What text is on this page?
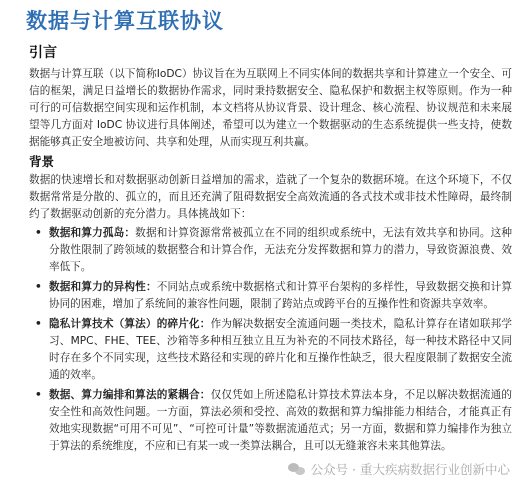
数据与计算互联协议
引言

数据与计算互联（以下简称IoDC）协议旨在为互联网上不同实体间的数据共享和计算建立一个安全、可信的框架，满足日益增长的数据协作需求，同时秉持数据安全、隐私保护和数据主权等原则。作为一种可行的可信数据空间实现和运作机制，本文档将从协议背景、设计理念、核心流程、协议规范和未来展望等几方面对 IoDC 协议进行具体阐述，希望可以为建立一个数据驱动的生态系统提供一些支持，使数据能够真正安全地被访问、共享和处理，从而实现互利共赢。

背景

数据的快速增长和对数据驱动创新日益增加的需求，造就了一个复杂的数据环境。在这个环境下，不仅数据常常是分散的、孤立的，而且还充满了阻碍数据安全高效流通的各式技术或非技术性障碍，最终制约了数据驱动创新的充分潜力。具体挑战如下：

• 数据和算力孤岛：数据和计算资源常常被孤立在不同的组织或系统中，无法有效共享和协同。这种分散性限制了跨领域的数据整合和计算合作，无法充分发挥数据和算力的潜力，导致资源浪费、效率低下。
• 数据和算力的异构性：不同站点或系统中数据格式和计算平台架构的多样性，导致数据交换和计算协同的困难，增加了系统间的兼容性问题，限制了跨站点或跨平台的互操作性和资源共享效率。
• 隐私计算技术（算法）的碎片化：作为解决数据安全流通问题一类技术，隐私计算存在诸如联邦学习、MPC、FHE、TEE、沙箱等多种相互独立且互为补充的不同技术路径，每一种技术路径中又同时存在多个不同实现，这些技术路径和实现的碎片化和互操作性缺乏，很大程度限制了数据安全流通的效率。
• 数据、算力编排和算法的紧耦合：仅仅凭如上所述隐私计算技术算法本身，不足以解决数据流通的安全性和高效性问题。一方面，算法必须和受控、高效的数据和算力编排能力相结合，才能真正有效地实现数据“可用不可见”、“可控可计量”等数据流通范式；另一方面，数据和算力编排作为独立于算法的系统维度，不应和已有某一或一类算法耦合，且可以无缝兼容未来其他算法。
公众号 · 重大疾病数据行业创新中心
